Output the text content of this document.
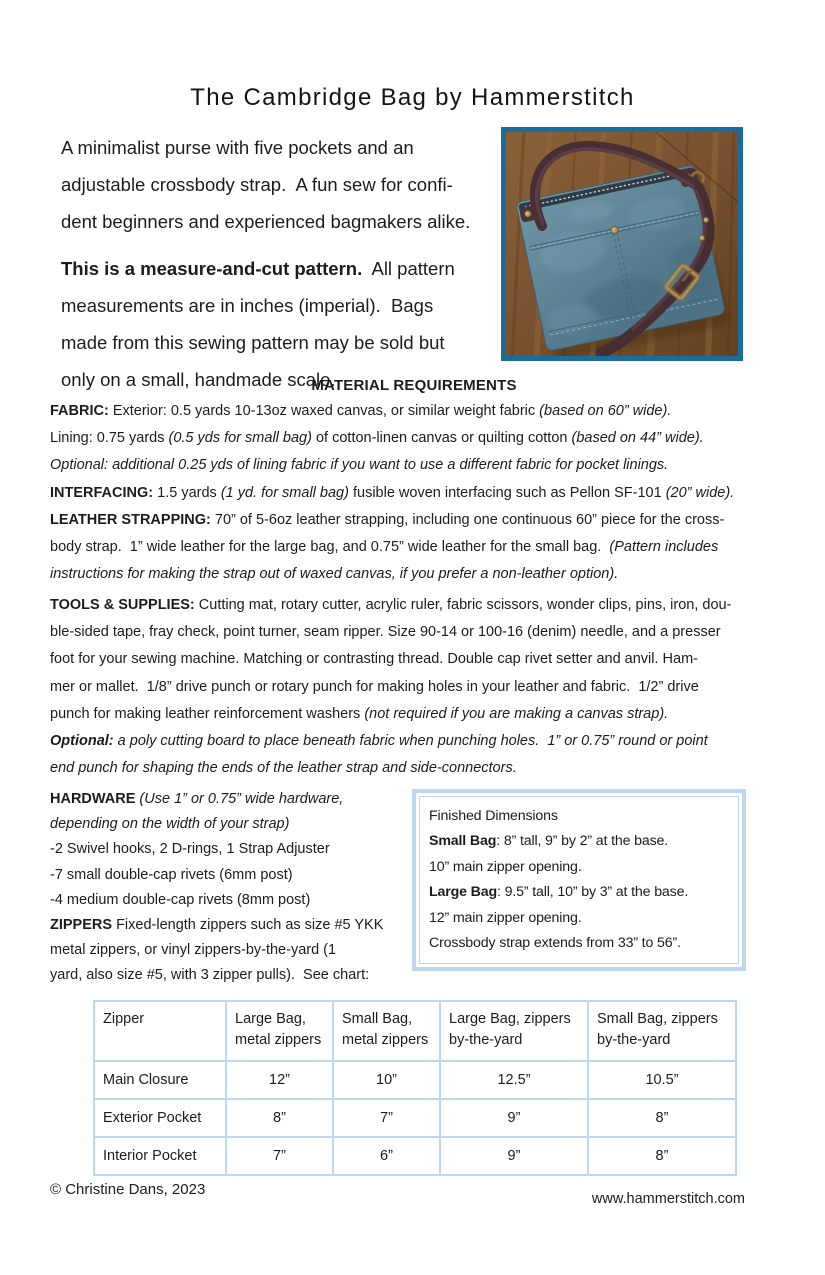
The Cambridge Bag by Hammerstitch
A minimalist purse with five pockets and an
adjustable crossbody strap.  A fun sew for confi-
dent beginners and experienced bagmakers alike.
This is a measure-and-cut pattern.  All pattern
measurements are in inches (imperial).  Bags
made from this sewing pattern may be sold but
only on a small, handmade scale.
MATERIAL REQUIREMENTS
FABRIC: Exterior: 0.5 yards 10-13oz waxed canvas, or similar weight fabric (based on 60” wide).
Lining: 0.75 yards (0.5 yds for small bag) of cotton-linen canvas or quilting cotton (based on 44” wide).
Optional: additional 0.25 yds of lining fabric if you want to use a different fabric for pocket linings.
INTERFACING: 1.5 yards (1 yd. for small bag) fusible woven interfacing such as Pellon SF-101 (20” wide).
LEATHER STRAPPING: 70” of 5-6oz leather strapping, including one continuous 60” piece for the cross-
body strap.  1” wide leather for the large bag, and 0.75” wide leather for the small bag.  (Pattern includes
instructions for making the strap out of waxed canvas, if you prefer a non-leather option).
TOOLS & SUPPLIES: Cutting mat, rotary cutter, acrylic ruler, fabric scissors, wonder clips, pins, iron, dou-
ble-sided tape, fray check, point turner, seam ripper. Size 90-14 or 100-16 (denim) needle, and a presser
foot for your sewing machine. Matching or contrasting thread. Double cap rivet setter and anvil. Ham-
mer or mallet.  1/8” drive punch or rotary punch for making holes in your leather and fabric.  1/2” drive
punch for making leather reinforcement washers (not required if you are making a canvas strap).
Optional: a poly cutting board to place beneath fabric when punching holes.  1” or 0.75” round or point
end punch for shaping the ends of the leather strap and side-connectors.
HARDWARE (Use 1” or 0.75” wide hardware,
depending on the width of your strap)
-2 Swivel hooks, 2 D-rings, 1 Strap Adjuster
-7 small double-cap rivets (6mm post)
-4 medium double-cap rivets (8mm post)
ZIPPERS Fixed-length zippers such as size #5 YKK
metal zippers, or vinyl zippers-by-the-yard (1
yard, also size #5, with 3 zipper pulls).  See chart:
Finished Dimensions
Small Bag: 8” tall, 9” by 2” at the base.
10” main zipper opening.
Large Bag: 9.5” tall, 10” by 3” at the base.
12” main zipper opening.
Crossbody strap extends from 33” to 56”.
Zipper	Large Bag, metal zippers	Small Bag, metal zippers	Large Bag, zippers by-the-yard	Small Bag, zippers by-the-yard
Main Closure	12”	10”	12.5”	10.5”
Exterior Pocket	8”	7”	9”	8”
Interior Pocket	7”	6”	9”	8”
© Christine Dans, 2023
www.hammerstitch.com
